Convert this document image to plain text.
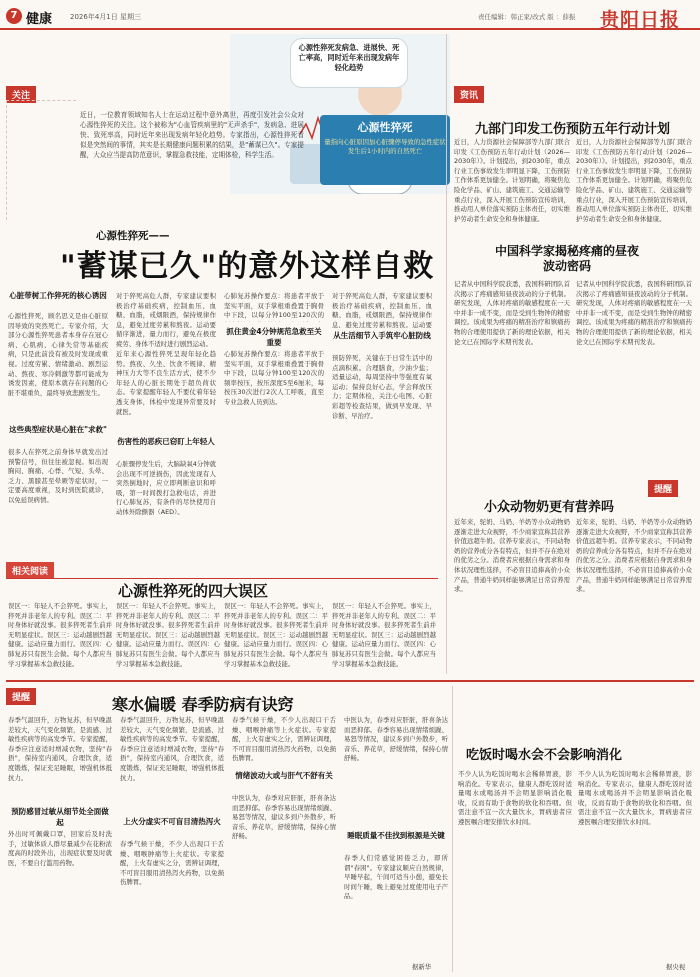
7 健康	2026年4月1日 星期三	责任编辑：韩正家/改式 版 ：薛振 贵阳日报
心源性猝死发病急、进展快、死亡率高，同时近年来出现发病年轻化趋势
心源性猝死
量指向心脏原因加心脏骤停导致的急性症状发生后1小时内的自然死亡
关注
近日，一位教育领域知名人士在运动过程中意外离世，再度引发社会公众对心源性猝死的关注。这个被称为"心血管疾病里的"无声杀手"，发病急、进展快、致死率高，同时近年来出现发病年轻化趋势。专家指出，心源性猝死看似是突然间的事情，其实是长期健康问题积累的结果，是"蓄谋已久"。专家提醒，大众应当提高防范意识，掌握急救技能，定期体检，科学生活。
心源性猝死——
"蓄谋已久"的意外这样自救
心脏带树工作猝死的核心诱因
心源性猝死，顾名思义是由心脏原因导致的突然死亡。专家介绍，大部分心源性猝死患者本身存在冠心病、心肌病、心律失常等基础疾病，只是此前没有被及时发现或重视。过度劳累、情绪激动、剧烈运动、熬夜、寒冷刺激等都可能成为诱发因素，使原本就存在问题的心脏不堪重负，最终导致悲剧发生。
这些典型症状是心脏在"求救"
很多人在猝死之前身体早就发出过预警信号，但往往被忽视。如出现胸闷、胸痛、心悸、气短、头晕、乏力、黑朦甚至晕厥等症状时，一定要高度重视，及时到医院就诊，以免延误病情。
对于猝死高危人群，专家建议要积极治疗基础疾病，控制血压、血糖、血脂，戒烟限酒，保持规律作息，避免过度劳累和熬夜。运动要循序渐进，量力而行，避免在极度疲劳、身体不适时进行剧烈运动。
近年来心源性猝死呈现年轻化趋势。熬夜、久坐、饮食不规律、精神压力大等不良生活方式，使不少年轻人的心脏长期处于超负荷状态。专家提醒年轻人不要仗着年轻透支身体，体检中发现异常要及时就医。
伤害性的恶疾已窃盯上年轻人
心脏骤停发生后，大脑缺氧4分钟就会出现不可逆损伤，因此发现有人突然倒地时，应立即判断意识和呼吸，第一时间拨打急救电话，并进行心肺复苏，有条件的尽快使用自动体外除颤器（AED）。
心肺复苏操作要点：将患者平放于坚实平面，双手掌根重叠置于胸骨中下段，以每分钟100至120次的
抓住黄金4分钟规范急救至关重要
心肺复苏操作要点：将患者平放于坚实平面，双手掌根重叠置于胸骨中下段，以每分钟100至120次的频率按压，按压深度5至6厘米，每按压30次进行2次人工呼吸，直至专业急救人员到达。
对于猝死高危人群，专家建议要积极治疗基础疾病，控制血压、血糖、血脂，戒烟限酒，保持规律作息，避免过度劳累和熬夜。运动要
从生活细节入手筑牢心脏防线
预防猝死，关键在于日常生活中的点滴积累。合理膳食，少油少盐；适量运动，每周坚持中等强度有氧运动；保持良好心态，学会释放压力；定期体检，关注心电图、心脏彩超等检查结果，做到早发现、早诊断、早治疗。
相关阅读
心源性猝死的四大误区
误区一：年轻人不会猝死。事实上，猝死并非老年人的专利。误区二：平时身体好就没事。很多猝死者生前并无明显症状。误区三：运动越剧烈越健康。运动应量力而行。误区四：心肺复苏只有医生会做。每个人都应当学习掌握基本急救技能。
误区一：年轻人不会猝死。事实上，猝死并非老年人的专利。误区二：平时身体好就没事。很多猝死者生前并无明显症状。误区三：运动越剧烈越健康。运动应量力而行。误区四：心肺复苏只有医生会做。每个人都应当学习掌握基本急救技能。
误区一：年轻人不会猝死。事实上，猝死并非老年人的专利。误区二：平时身体好就没事。很多猝死者生前并无明显症状。误区三：运动越剧烈越健康。运动应量力而行。误区四：心肺复苏只有医生会做。每个人都应当学习掌握基本急救技能。
误区一：年轻人不会猝死。事实上，猝死并非老年人的专利。误区二：平时身体好就没事。很多猝死者生前并无明显症状。误区三：运动越剧烈越健康。运动应量力而行。误区四：心肺复苏只有医生会做。每个人都应当学习掌握基本急救技能。
资讯
九部门印发工伤预防五年行动计划
近日，人力资源社会保障部等九部门联合印发《工伤预防五年行动计划（2026—2030年）》。计划提出，到2030年，重点行业工伤事故发生率明显下降，工伤预防工作体系更加健全。计划明确，将聚焦危险化学品、矿山、建筑施工、交通运输等重点行业，深入开展工伤预防宣传培训，推动用人单位落实预防主体责任，切实维护劳动者生命安全和身体健康。
近日，人力资源社会保障部等九部门联合印发《工伤预防五年行动计划（2026—2030年）》。计划提出，到2030年，重点行业工伤事故发生率明显下降，工伤预防工作体系更加健全。计划明确，将聚焦危险化学品、矿山、建筑施工、交通运输等重点行业，深入开展工伤预防宣传培训，推动用人单位落实预防主体责任，切实维护劳动者生命安全和身体健康。
中国科学家揭秘疼痛的昼夜波动密码
记者从中国科学院获悉，我国科研团队首次揭示了疼痛感知昼夜波动的分子机制。研究发现，人体对疼痛的敏感程度在一天中并非一成不变，而是受到生物钟的精密调控。该成果为疼痛的精准治疗和镇痛药物的合理使用提供了新的理论依据，相关论文已在国际学术期刊发表。
记者从中国科学院获悉，我国科研团队首次揭示了疼痛感知昼夜波动的分子机制。研究发现，人体对疼痛的敏感程度在一天中并非一成不变，而是受到生物钟的精密调控。该成果为疼痛的精准治疗和镇痛药物的合理使用提供了新的理论依据，相关论文已在国际学术期刊发表。
提醒
小众动物奶更有营养吗
近年来，驼奶、马奶、羊奶等小众动物奶逐渐走进大众视野，不少商家宣称其营养价值远超牛奶。营养专家表示，不同动物奶的营养成分各有特点，但并不存在绝对的优劣之分。消费者应根据自身需求和身体状况理性选择，不必盲目追捧高价小众产品，普通牛奶同样能够满足日常营养需求。
近年来，驼奶、马奶、羊奶等小众动物奶逐渐走进大众视野，不少商家宣称其营养价值远超牛奶。营养专家表示，不同动物奶的营养成分各有特点，但并不存在绝对的优劣之分。消费者应根据自身需求和身体状况理性选择，不必盲目追捧高价小众产品，普通牛奶同样能够满足日常营养需求。
提醒	寒水偏暖 春季防病有诀窍
春季气温回升，万物复苏，但早晚温差较大，天气变化频繁，是流感、过敏性疾病等的高发季节。专家提醒，春季应注意适时增减衣物，坚持"春捂"，保持室内通风，合理饮食，适度锻炼，保证充足睡眠，增强机体抵抗力。
预防感冒过敏从细节处全面做起
外出时可佩戴口罩，回家后及时洗手，过敏体质人群尽量减少在花粉浓度高的时段外出，出现症状要及时就医，不要自行滥用药物。
春季气温回升，万物复苏，但早晚温差较大，天气变化频繁，是流感、过敏性疾病等的高发季节。专家提醒，春季应注意适时增减衣物，坚持"春捂"，保持室内通风，合理饮食，适度锻炼，保证充足睡眠，增强机体抵抗力。
上火分虚实不可盲目清热泻火
春季气候干燥，不少人出现口干舌燥、咽喉肿痛等上火症状。专家提醒，上火有虚实之分，需辨证调理，不可盲目服用清热泻火药物，以免损伤脾胃。
春季气候干燥，不少人出现口干舌燥、咽喉肿痛等上火症状。专家提醒，上火有虚实之分，需辨证调理，不可盲目服用清热泻火药物，以免损伤脾胃。
情绪波动大或与肝气不舒有关
中医认为，春季对应肝脏，肝喜条达而恶抑郁。春季容易出现情绪烦躁、易怒等情况，建议多到户外散步，听音乐、养花草，舒缓情绪，保持心情舒畅。
中医认为，春季对应肝脏，肝喜条达而恶抑郁。春季容易出现情绪烦躁、易怒等情况，建议多到户外散步，听音乐、养花草，舒缓情绪，保持心情舒畅。
睡眠质量不佳找到根源是关键
春季人们常感觉困倦乏力，即所谓"春困"。专家建议顺应自然规律，早睡早起，午间可适当小憩，避免长时间午睡，晚上避免过度使用电子产品。
据新华
吃饭时喝水会不会影响消化
不少人认为吃饭时喝水会稀释胃液，影响消化。专家表示，健康人群吃饭时适量喝水或喝汤并不会明显影响消化吸收，反而有助于食物的软化和吞咽。但需注意不宜一次大量饮水，胃病患者应遵医嘱合理安排饮水时间。
不少人认为吃饭时喝水会稀释胃液，影响消化。专家表示，健康人群吃饭时适量喝水或喝汤并不会明显影响消化吸收，反而有助于食物的软化和吞咽。但需注意不宜一次大量饮水，胃病患者应遵医嘱合理安排饮水时间。
据央视
